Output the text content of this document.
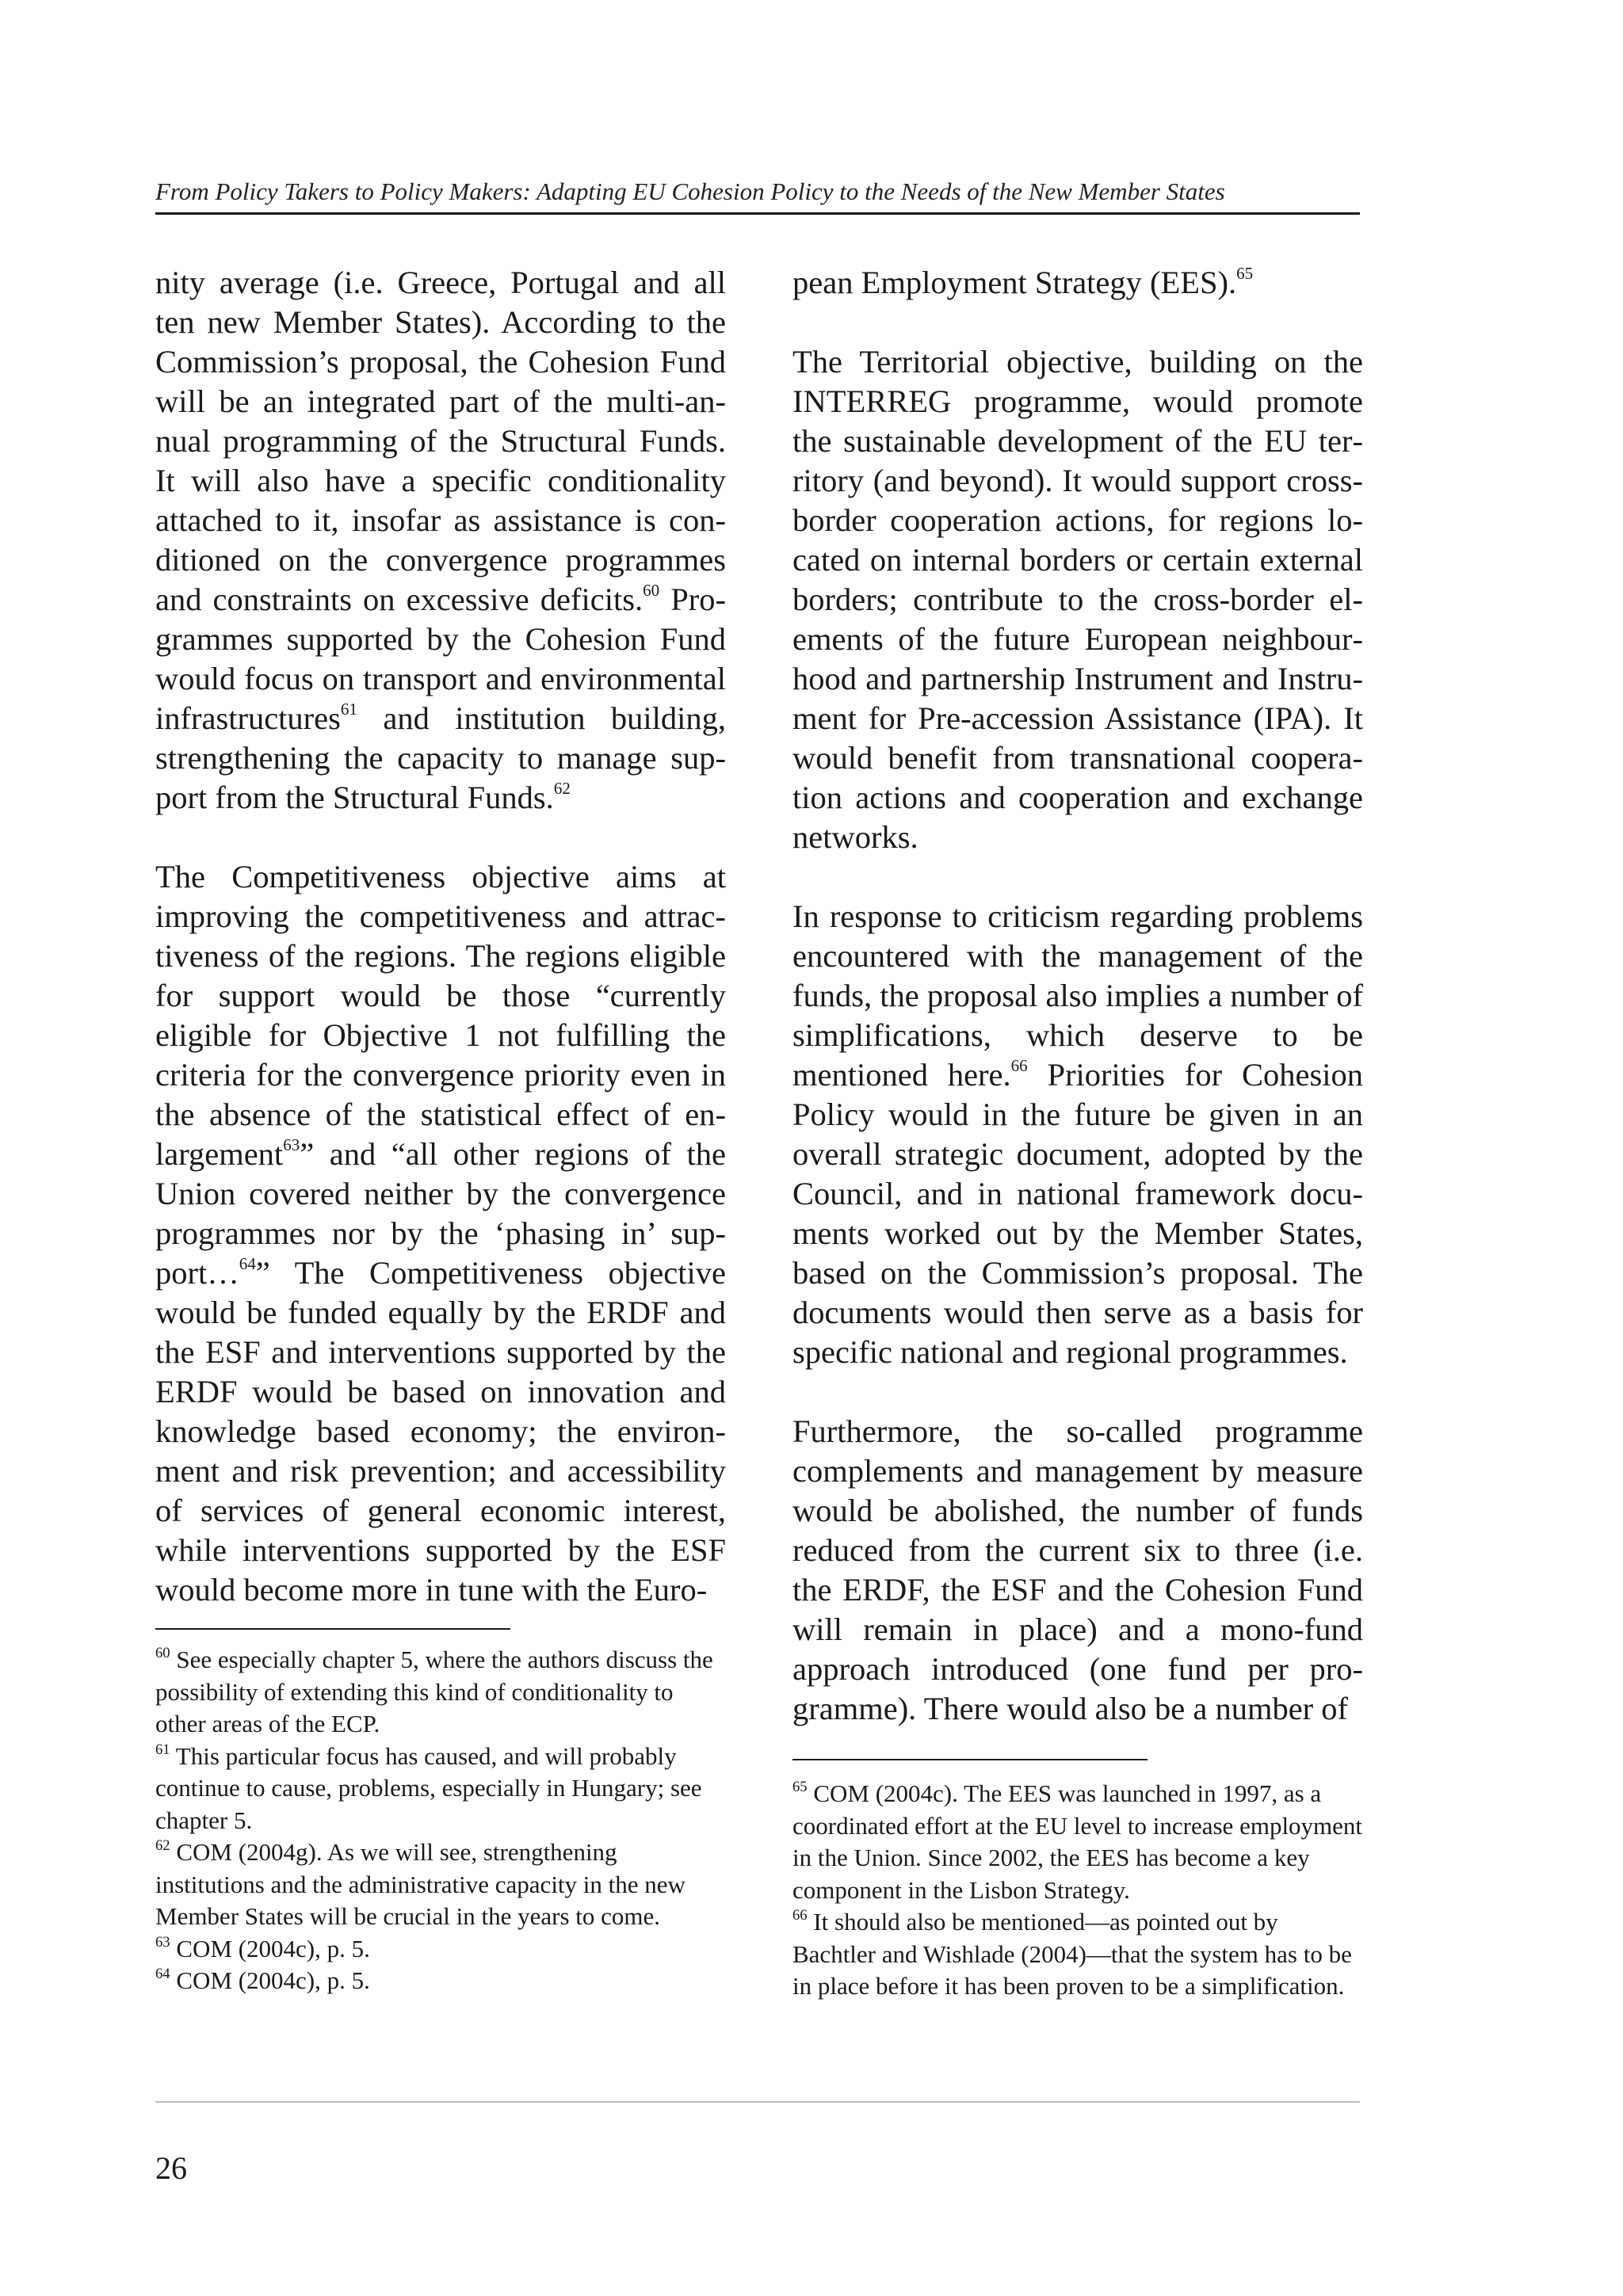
From Policy Takers to Policy Makers: Adapting EU Cohesion Policy to the Needs of the New Member States

nity average (i.e. Greece, Portugal and all ten new Member States). According to the Commission’s proposal, the Cohesion Fund will be an integrated part of the multi-annual programming of the Structural Funds. It will also have a specific conditionality attached to it, insofar as assistance is conditioned on the convergence programmes and constraints on excessive deficits.$^{60}$ Programmes supported by the Cohesion Fund would focus on transport and environmental infrastructures$^{61}$ and institution building, strengthening the capacity to manage support from the Structural Funds.$^{62}$

The Competitiveness objective aims at improving the competitiveness and attractiveness of the regions. The regions eligible for support would be those “currently eligible for Objective 1 not fulfilling the criteria for the convergence priority even in the absence of the statistical effect of enlargement$^{63}$” and “all other regions of the Union covered neither by the convergence programmes nor by the ‘phasing in’ support…$^{64}$” The Competitiveness objective would be funded equally by the ERDF and the ESF and interventions supported by the ERDF would be based on innovation and knowledge based economy; the environment and risk prevention; and accessibility of services of general economic interest, while interventions supported by the ESF would become more in tune with the Euro-

pean Employment Strategy (EES).$^{65}$

The Territorial objective, building on the INTERREG programme, would promote the sustainable development of the EU territory (and beyond). It would support cross-border cooperation actions, for regions located on internal borders or certain external borders; contribute to the cross-border elements of the future European neighbourhood and partnership Instrument and Instrument for Pre-accession Assistance (IPA). It would benefit from transnational cooperation actions and cooperation and exchange networks.

In response to criticism regarding problems encountered with the management of the funds, the proposal also implies a number of simplifications, which deserve to be mentioned here.$^{66}$ Priorities for Cohesion Policy would in the future be given in an overall strategic document, adopted by the Council, and in national framework documents worked out by the Member States, based on the Commission’s proposal. The documents would then serve as a basis for specific national and regional programmes.

Furthermore, the so-called programme complements and management by measure would be abolished, the number of funds reduced from the current six to three (i.e. the ERDF, the ESF and the Cohesion Fund will remain in place) and a mono-fund approach introduced (one fund per programme). There would also be a number of

$^{60}$ See especially chapter 5, where the authors discuss the possibility of extending this kind of conditionality to other areas of the ECP.

$^{61}$ This particular focus has caused, and will probably continue to cause, problems, especially in Hungary; see chapter 5.

$^{62}$ COM (2004g). As we will see, strengthening institutions and the administrative capacity in the new Member States will be crucial in the years to come.

$^{63}$ COM (2004c), p. 5.

$^{64}$ COM (2004c), p. 5.

$^{65}$ COM (2004c). The EES was launched in 1997, as a coordinated effort at the EU level to increase employment in the Union. Since 2002, the EES has become a key component in the Lisbon Strategy.

$^{66}$ It should also be mentioned—as pointed out by Bachtler and Wishlade (2004)—that the system has to be in place before it has been proven to be a simplification.

26
